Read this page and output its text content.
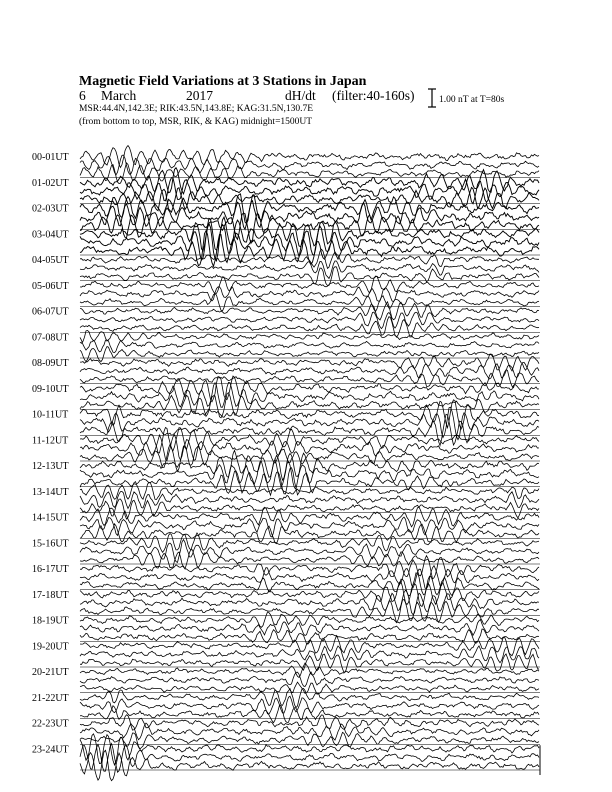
Magnetic Field Variations at 3 Stations in Japan
6 March	2017	dH/dt (filter:40-160s)
MSR:44.4N,142.3E; RIK:43.5N,143.8E; KAG:31.5N,130.7E
(from bottom to top, MSR, RIK, & KAG) midnight=1500UT
1.00 nT at T=80s
00-01UT
01-02UT
02-03UT
03-04UT
04-05UT
05-06UT
06-07UT
07-08UT
08-09UT
09-10UT
10-11UT
11-12UT
12-13UT
13-14UT
14-15UT
15-16UT
16-17UT
17-18UT
18-19UT
19-20UT
20-21UT
21-22UT
22-23UT
23-24UT
